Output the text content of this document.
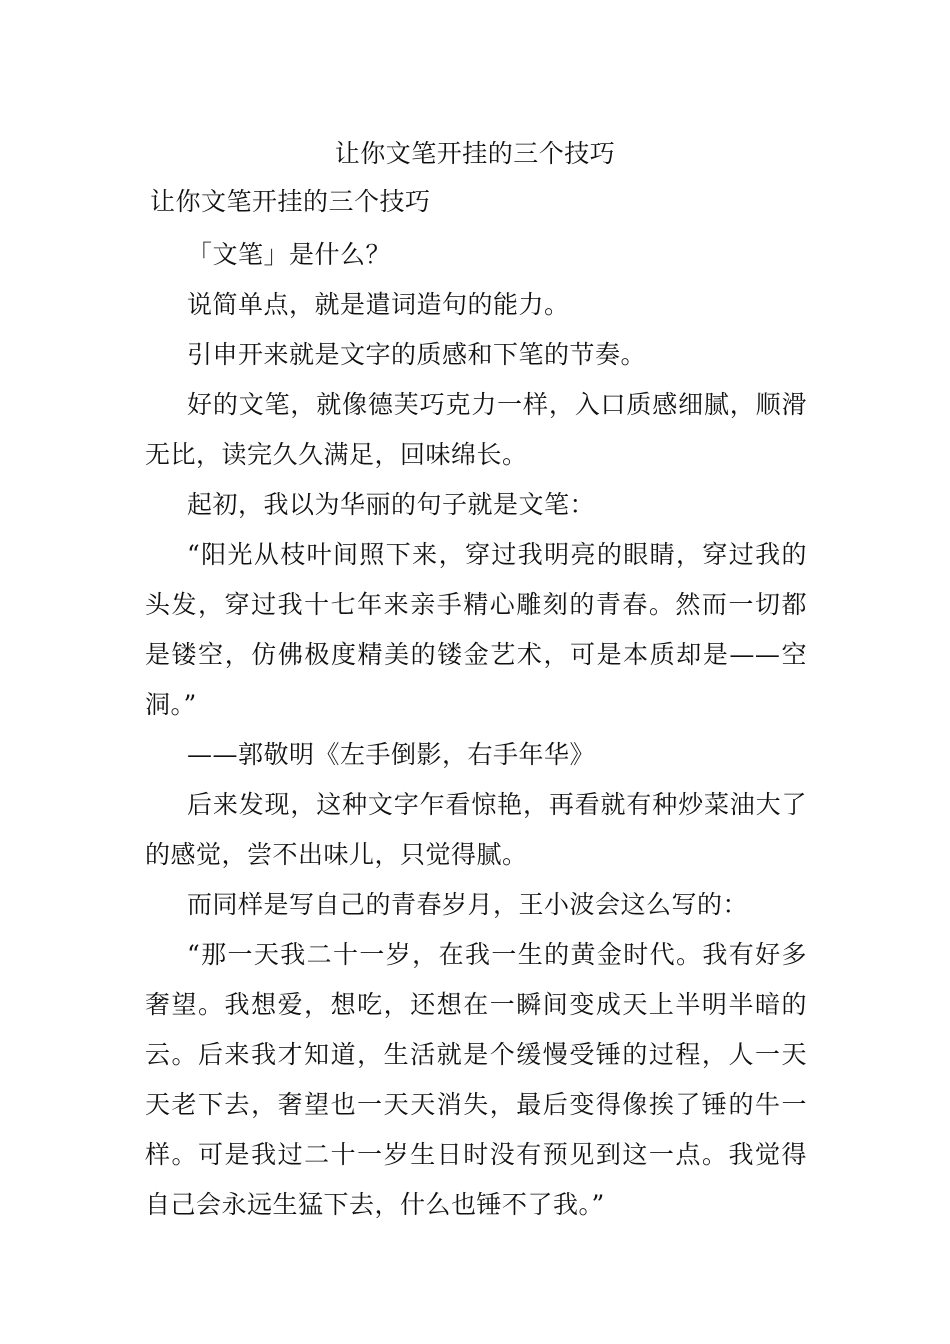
让你文笔开挂的三个技巧
让你文笔开挂的三个技巧

「文笔」是什么？

说简单点，就是遣词造句的能力。

引申开来就是文字的质感和下笔的节奏。

好的文笔，就像德芙巧克力一样，入口质感细腻，顺滑无比，读完久久满足，回味绵长。

起初，我以为华丽的句子就是文笔：

“阳光从枝叶间照下来，穿过我明亮的眼睛，穿过我的头发，穿过我十七年来亲手精心雕刻的青春。然而一切都是镂空，仿佛极度精美的镂金艺术，可是本质却是——空洞。”

——郭敬明《左手倒影，右手年华》

后来发现，这种文字乍看惊艳，再看就有种炒菜油大了的感觉，尝不出味儿，只觉得腻。

而同样是写自己的青春岁月，王小波会这么写的：

“那一天我二十一岁，在我一生的黄金时代。我有好多奢望。我想爱，想吃，还想在一瞬间变成天上半明半暗的云。后来我才知道，生活就是个缓慢受锤的过程，人一天天老下去，奢望也一天天消失，最后变得像挨了锤的牛一样。可是我过二十一岁生日时没有预见到这一点。我觉得自己会永远生猛下去，什么也锤不了我。”
